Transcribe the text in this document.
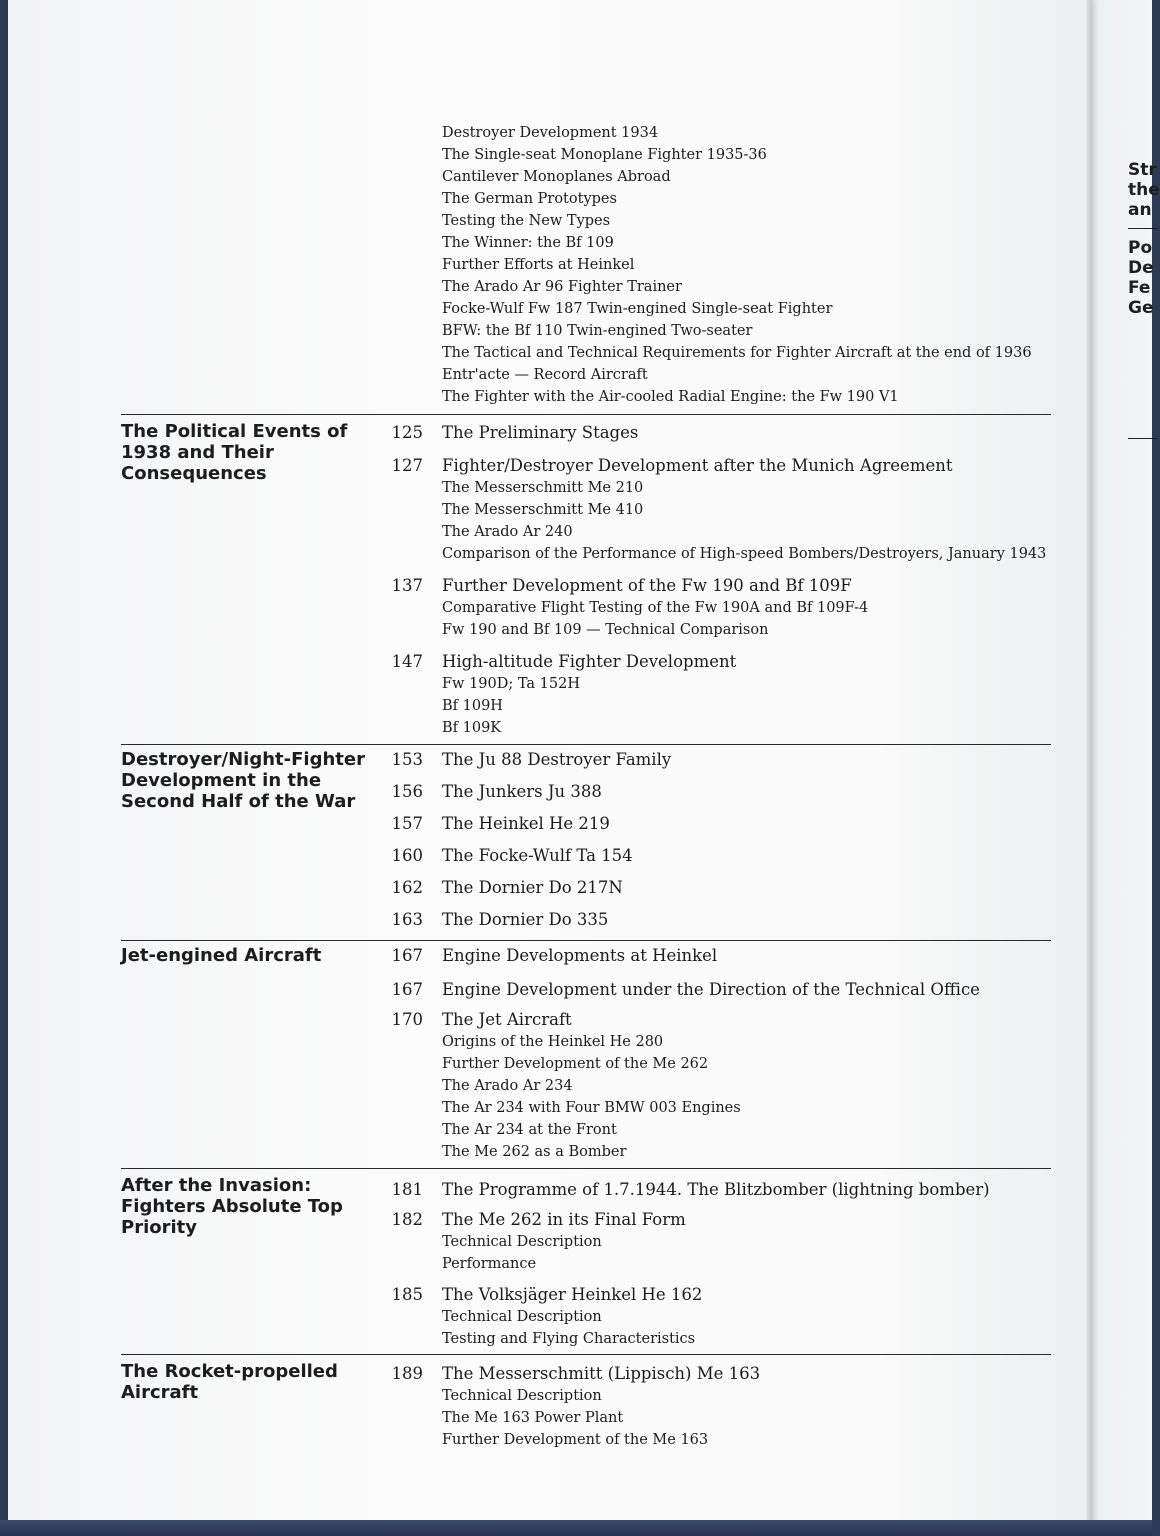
Str
the
an
Po
De
Fe
Ge
Destroyer Development 1934
The Single-seat Monoplane Fighter 1935-36
Cantilever Monoplanes Abroad
The German Prototypes
Testing the New Types
The Winner: the Bf 109
Further Efforts at Heinkel
The Arado Ar 96 Fighter Trainer
Focke-Wulf Fw 187 Twin-engined Single-seat Fighter
BFW: the Bf 110 Twin-engined Two-seater
The Tactical and Technical Requirements for Fighter Aircraft at the end of 1936
Entr'acte — Record Aircraft
The Fighter with the Air-cooled Radial Engine: the Fw 190 V1
The Political Events of 1938 and Their Consequences
125 The Preliminary Stages
127 Fighter/Destroyer Development after the Munich Agreement
The Messerschmitt Me 210
The Messerschmitt Me 410
The Arado Ar 240
Comparison of the Performance of High-speed Bombers/Destroyers, January 1943
137 Further Development of the Fw 190 and Bf 109F
Comparative Flight Testing of the Fw 190A and Bf 109F-4
Fw 190 and Bf 109 — Technical Comparison
147 High-altitude Fighter Development
Fw 190D; Ta 152H
Bf 109H
Bf 109K
Destroyer/Night-Fighter Development in the Second Half of the War
153 The Ju 88 Destroyer Family
156 The Junkers Ju 388
157 The Heinkel He 219
160 The Focke-Wulf Ta 154
162 The Dornier Do 217N
163 The Dornier Do 335
Jet-engined Aircraft	167 Engine Developments at Heinkel
167 Engine Development under the Direction of the Technical Office
170 The Jet Aircraft
Origins of the Heinkel He 280
Further Development of the Me 262
The Arado Ar 234
The Ar 234 with Four BMW 003 Engines
The Ar 234 at the Front
The Me 262 as a Bomber
After the Invasion: Fighters Absolute Top Priority
181 The Programme of 1.7.1944. The Blitzbomber (lightning bomber)
182 The Me 262 in its Final Form
Technical Description
Performance
185 The Volksjäger Heinkel He 162
Technical Description
Testing and Flying Characteristics
The Rocket-propelled Aircraft
189 The Messerschmitt (Lippisch) Me 163
Technical Description
The Me 163 Power Plant
Further Development of the Me 163
